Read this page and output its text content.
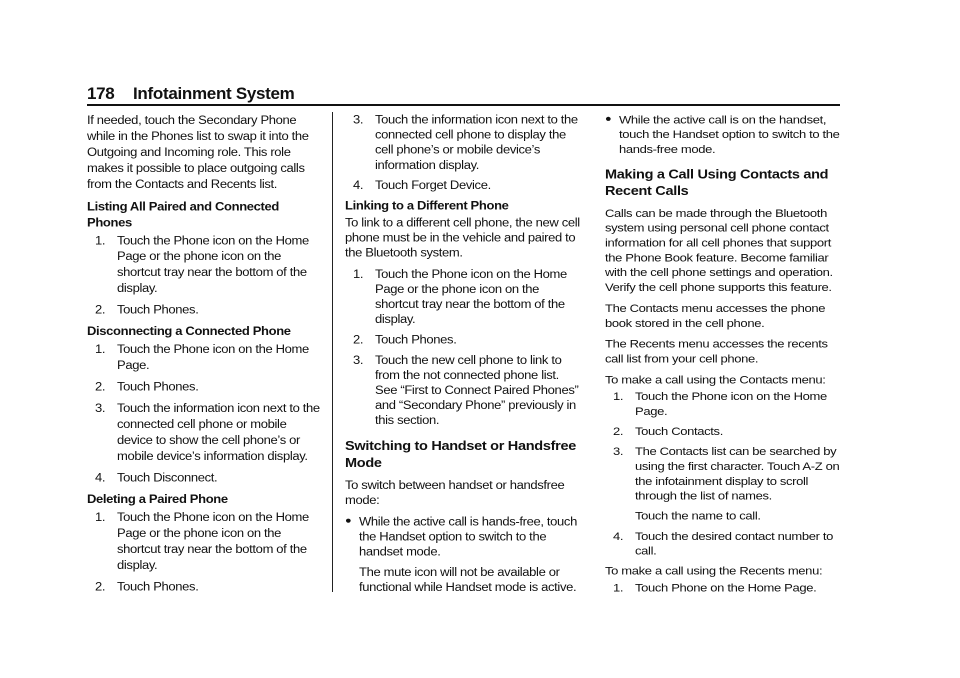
178 Infotainment System

If needed, touch the Secondary Phone while in the Phones list to swap it into the Outgoing and Incoming role. This role makes it possible to place outgoing calls from the Contacts and Recents list.

Listing All Paired and Connected Phones
1. Touch the Phone icon on the Home Page or the phone icon on the shortcut tray near the bottom of the display.
2. Touch Phones.
Disconnecting a Connected Phone
1. Touch the Phone icon on the Home Page.
2. Touch Phones.
3. Touch the information icon next to the connected cell phone or mobile device to show the cell phone’s or mobile device’s information display.
4. Touch Disconnect.
Deleting a Paired Phone
1. Touch the Phone icon on the Home Page or the phone icon on the shortcut tray near the bottom of the display.
2. Touch Phones.
3. Touch the information icon next to the connected cell phone to display the cell phone’s or mobile device’s information display.
4. Touch Forget Device.
Linking to a Different Phone

To link to a different cell phone, the new cell phone must be in the vehicle and paired to the Bluetooth system.

1. Touch the Phone icon on the Home Page or the phone icon on the shortcut tray near the bottom of the display.
2. Touch Phones.
3. Touch the new cell phone to link to from the not connected phone list. See “First to Connect Paired Phones” and “Secondary Phone” previously in this section.
Switching to Handset or Handsfree Mode

To switch between handset or handsfree mode:

● While the active call is hands-free, touch the Handset option to switch to the handset mode.
The mute icon will not be available or functional while Handset mode is active.
● While the active call is on the handset, touch the Handset option to switch to the hands-free mode.
Making a Call Using Contacts and Recent Calls

Calls can be made through the Bluetooth system using personal cell phone contact information for all cell phones that support the Phone Book feature. Become familiar with the cell phone settings and operation. Verify the cell phone supports this feature.

The Contacts menu accesses the phone book stored in the cell phone.

The Recents menu accesses the recents call list from your cell phone.

To make a call using the Contacts menu:

1. Touch the Phone icon on the Home Page.
2. Touch Contacts.
3. The Contacts list can be searched by using the first character. Touch A-Z on the infotainment display to scroll through the list of names.
Touch the name to call.
4. Touch the desired contact number to call.

To make a call using the Recents menu:

1. Touch Phone on the Home Page.
